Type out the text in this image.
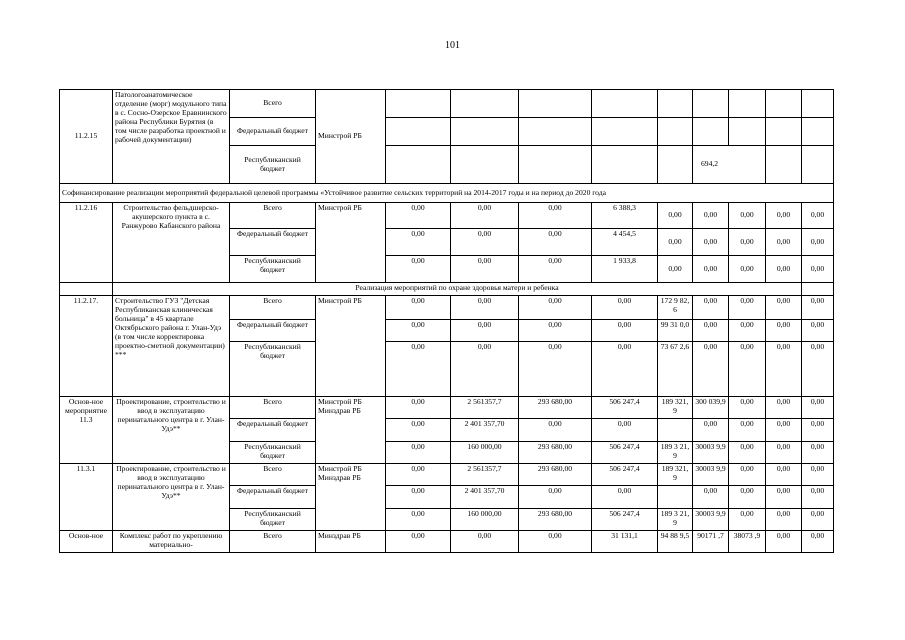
101
11.2.15	Патологоанатомическое отделение (морг) модульного типа в с. Сосно-Озерское Еравнинского района Республики Бурятия (в том числе разработка проектной и рабочей документации)	Всего	Минстрой РБ									
		Федеральный бюджет										
		Республиканский бюджет							694,2			
Софинансирование реализации мероприятий федеральной целевой программы «Устойчивое развитие сельских территорий на 2014-2017 годы и на период до 2020 года												
11.2.16	Строительство фельдшерско-акушерского пункта в с. Ранжурово Кабанского района	Всего	Минстрой РБ	0,00	0,00	0,00	6 388,3	0,00	0,00	0,00	0,00	0,00
		Федеральный бюджет		0,00	0,00	0,00	4 454,5	0,00	0,00	0,00	0,00	0,00
		Республиканский бюджет		0,00	0,00	0,00	1 933,8	0,00	0,00	0,00	0,00	0,00
	Реализация мероприятий по охране здоровья матери и ребенка											
11.2.17.	Строительство ГУЗ "Детская Республиканская клиническая больница" в 45 квартале Октябрьского района г. Улан-Удэ (в том числе корректировка проектно-сметной документации) ***	Всего	Минстрой РБ	0,00	0,00	0,00	0,00	172 9 82,6	0,00	0,00	0,00	0,00
		Федеральный бюджет		0,00	0,00	0,00	0,00	99 31 0,0	0,00	0,00	0,00	0,00
		Республиканский бюджет		0,00	0,00	0,00	0,00	73 67 2,6	0,00	0,00	0,00	0,00
Основ-ное мероприятие 11.3	Проектирование, строительство и ввод в эксплуатацию перинатального центра в г. Улан-Удэ**	Всего	Минстрой РБ Минздрав РБ	0,00	2 561357,7	293 680,00	506 247,4	189 321,9	300 039,9	0,00	0,00	0,00
		Федеральный бюджет		0,00	2 401 357,70	0,00	0,00		0,00	0,00	0,00	0,00
		Республиканский бюджет		0,00	160 000,00	293 680,00	506 247,4	189 3 21,9	30003 9,9	0,00	0,00	0,00
11.3.1	Проектирование, строительство и ввод в эксплуатацию перинатального центра в г. Улан-Удэ**	Всего	Минстрой РБ Минздрав РБ	0,00	2 561357,7	293 680,00	506 247,4	189 321,9	30003 9,9	0,00	0,00	0,00
		Федеральный бюджет		0,00	2 401 357,70	0,00	0,00		0,00	0,00	0,00	0,00
		Республиканский бюджет		0,00	160 000,00	293 680,00	506 247,4	189 3 21,9	30003 9,9	0,00	0,00	0,00
Основ-ное	Комплекс работ по укреплению материально-	Всего	Минздрав РБ	0,00	0,00	0,00	31 131,1	94 88 9,5	90171 ,7	38073 ,9	0,00	0,00
